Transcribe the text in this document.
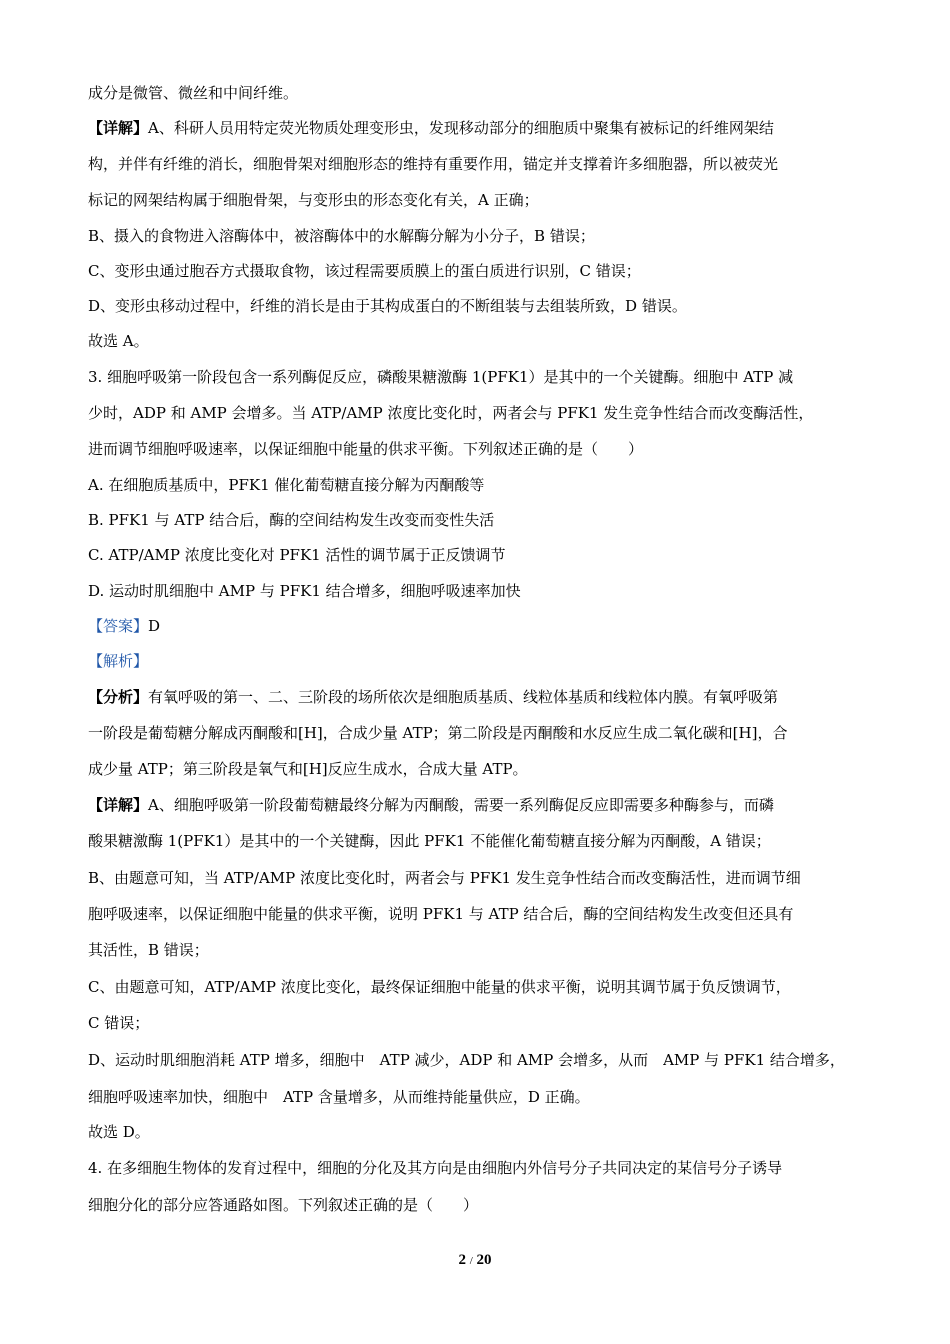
成分是微管、微丝和中间纤维。
【详解】A、科研人员用特定荧光物质处理变形虫，发现移动部分的细胞质中聚集有被标记的纤维网架结
构，并伴有纤维的消长，细胞骨架对细胞形态的维持有重要作用，锚定并支撑着许多细胞器，所以被荧光
标记的网架结构属于细胞骨架，与变形虫的形态变化有关，A 正确；
B、摄入的食物进入溶酶体中，被溶酶体中的水解酶分解为小分子，B 错误；
C、变形虫通过胞吞方式摄取食物，该过程需要质膜上的蛋白质进行识别，C 错误；
D、变形虫移动过程中，纤维的消长是由于其构成蛋白的不断组装与去组装所致，D 错误。
故选 A。
3. 细胞呼吸第一阶段包含一系列酶促反应，磷酸果糖激酶 1(PFK1）是其中的一个关键酶。细胞中 ATP 减
少时，ADP 和 AMP 会增多。当 ATP/AMP 浓度比变化时，两者会与 PFK1 发生竞争性结合而改变酶活性，
进而调节细胞呼吸速率，以保证细胞中能量的供求平衡。下列叙述正确的是（　　）
A. 在细胞质基质中，PFK1 催化葡萄糖直接分解为丙酮酸等
B. PFK1 与 ATP 结合后，酶的空间结构发生改变而变性失活
C. ATP/AMP 浓度比变化对 PFK1 活性的调节属于正反馈调节
D. 运动时肌细胞中 AMP 与 PFK1 结合增多，细胞呼吸速率加快
【答案】D
【解析】
【分析】有氧呼吸的第一、二、三阶段的场所依次是细胞质基质、线粒体基质和线粒体内膜。有氧呼吸第
一阶段是葡萄糖分解成丙酮酸和[H]，合成少量 ATP；第二阶段是丙酮酸和水反应生成二氧化碳和[H]，合
成少量 ATP；第三阶段是氧气和[H]反应生成水，合成大量 ATP。
【详解】A、细胞呼吸第一阶段葡萄糖最终分解为丙酮酸，需要一系列酶促反应即需要多种酶参与，而磷
酸果糖激酶 1(PFK1）是其中的一个关键酶，因此 PFK1 不能催化葡萄糖直接分解为丙酮酸，A 错误；
B、由题意可知，当 ATP/AMP 浓度比变化时，两者会与 PFK1 发生竞争性结合而改变酶活性，进而调节细
胞呼吸速率，以保证细胞中能量的供求平衡，说明 PFK1 与 ATP 结合后，酶的空间结构发生改变但还具有
其活性，B 错误；
C、由题意可知，ATP/AMP 浓度比变化，最终保证细胞中能量的供求平衡，说明其调节属于负反馈调节，
C 错误；
D、运动时肌细胞消耗 ATP 增多，细胞中　ATP 减少，ADP 和 AMP 会增多，从而　AMP 与 PFK1 结合增多，
细胞呼吸速率加快，细胞中　ATP 含量增多，从而维持能量供应，D 正确。
故选 D。
4. 在多细胞生物体的发育过程中，细胞的分化及其方向是由细胞内外信号分子共同决定的某信号分子诱导
细胞分化的部分应答通路如图。下列叙述正确的是（　　）
2 / 20
